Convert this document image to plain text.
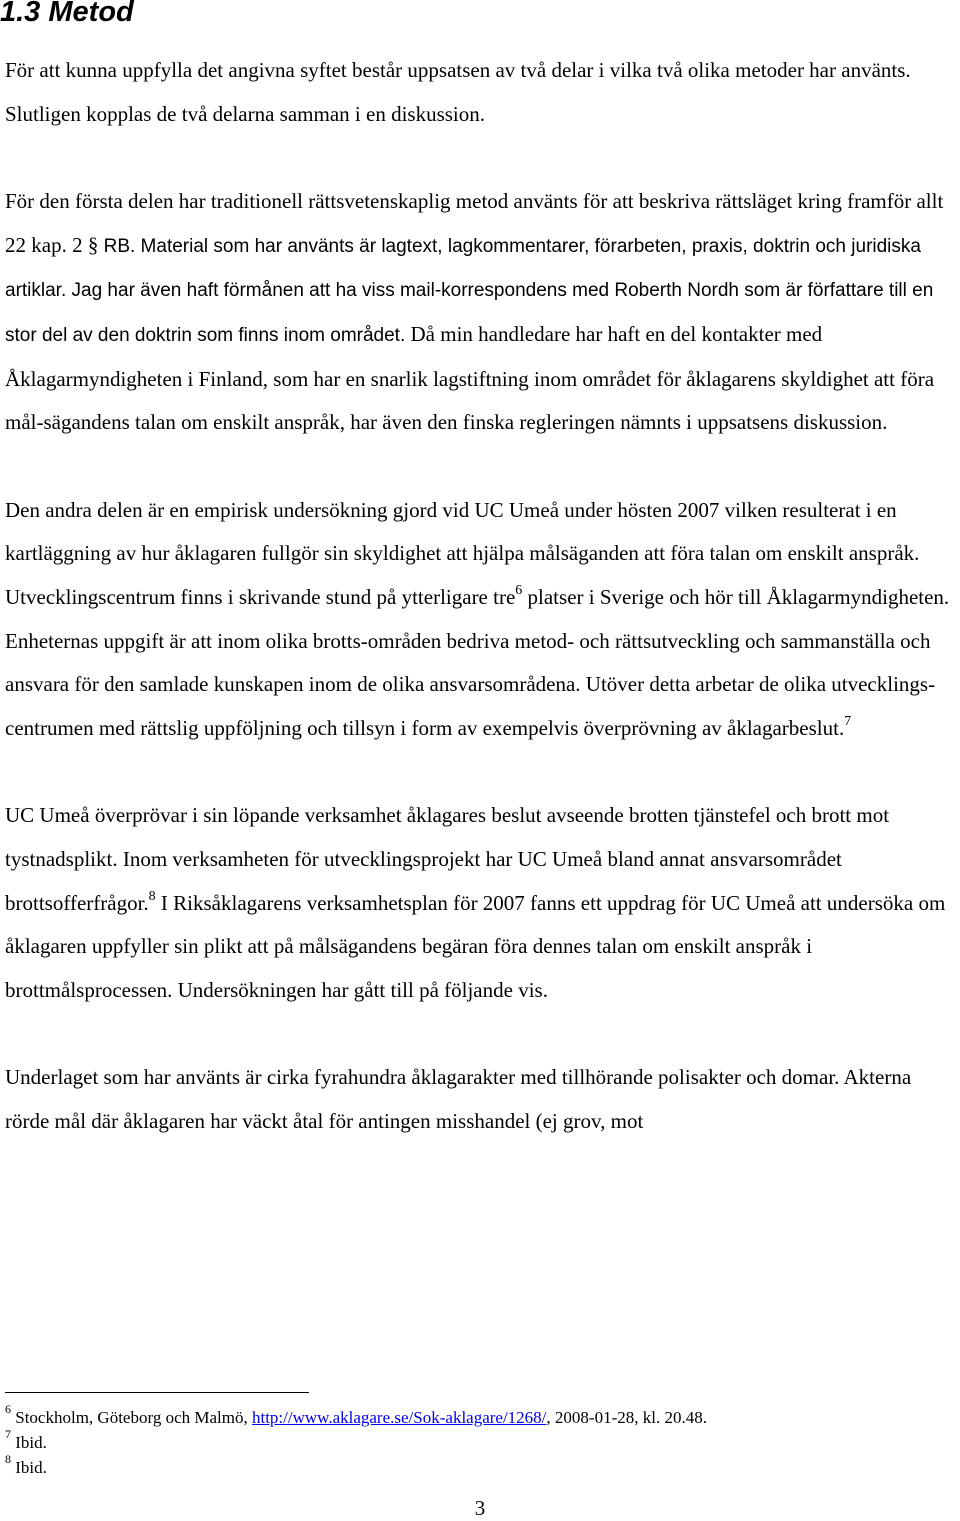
1.3 Metod

För att kunna uppfylla det angivna syftet består uppsatsen av två delar i vilka två olika metoder har använts. Slutligen kopplas de två delarna samman i en diskussion.

För den första delen har traditionell rättsvetenskaplig metod använts för att beskriva rättsläget kring framför allt 22 kap. 2 § RB. Material som har använts är lagtext, lagkommentarer, förarbeten, praxis, doktrin och juridiska artiklar. Jag har även haft förmånen att ha viss mail-korrespondens med Roberth Nordh som är författare till en stor del av den doktrin som finns inom området. Då min handledare har haft en del kontakter med Åklagarmyndigheten i Finland, som har en snarlik lagstiftning inom området för åklagarens skyldighet att föra mål-sägandens talan om enskilt anspråk, har även den finska regleringen nämnts i uppsatsens diskussion.

Den andra delen är en empirisk undersökning gjord vid UC Umeå under hösten 2007 vilken resulterat i en kartläggning av hur åklagaren fullgör sin skyldighet att hjälpa målsäganden att föra talan om enskilt anspråk. Utvecklingscentrum finns i skrivande stund på ytterligare tre$^6$ platser i Sverige och hör till Åklagarmyndigheten. Enheternas uppgift är att inom olika brotts-områden bedriva metod- och rättsutveckling och sammanställa och ansvara för den samlade kunskapen inom de olika ansvarsområdena. Utöver detta arbetar de olika utvecklings-centrumen med rättslig uppföljning och tillsyn i form av exempelvis överprövning av åklagarbeslut.$^7$

UC Umeå överprövar i sin löpande verksamhet åklagares beslut avseende brotten tjänstefel och brott mot tystnadsplikt. Inom verksamheten för utvecklingsprojekt har UC Umeå bland annat ansvarsområdet brottsofferfrågor.$^8$ I Riksåklagarens verksamhetsplan för 2007 fanns ett uppdrag för UC Umeå att undersöka om åklagaren uppfyller sin plikt att på målsägandens begäran föra dennes talan om enskilt anspråk i brottmålsprocessen. Undersökningen har gått till på följande vis.

Underlaget som har använts är cirka fyrahundra åklagarakter med tillhörande polisakter och domar. Akterna rörde mål där åklagaren har väckt åtal för antingen misshandel (ej grov, mot

$^6$ Stockholm, Göteborg och Malmö, http://www.aklagare.se/Sok-aklagare/1268/, 2008-01-28, kl. 20.48.
$^7$ Ibid.
$^8$ Ibid.
3
